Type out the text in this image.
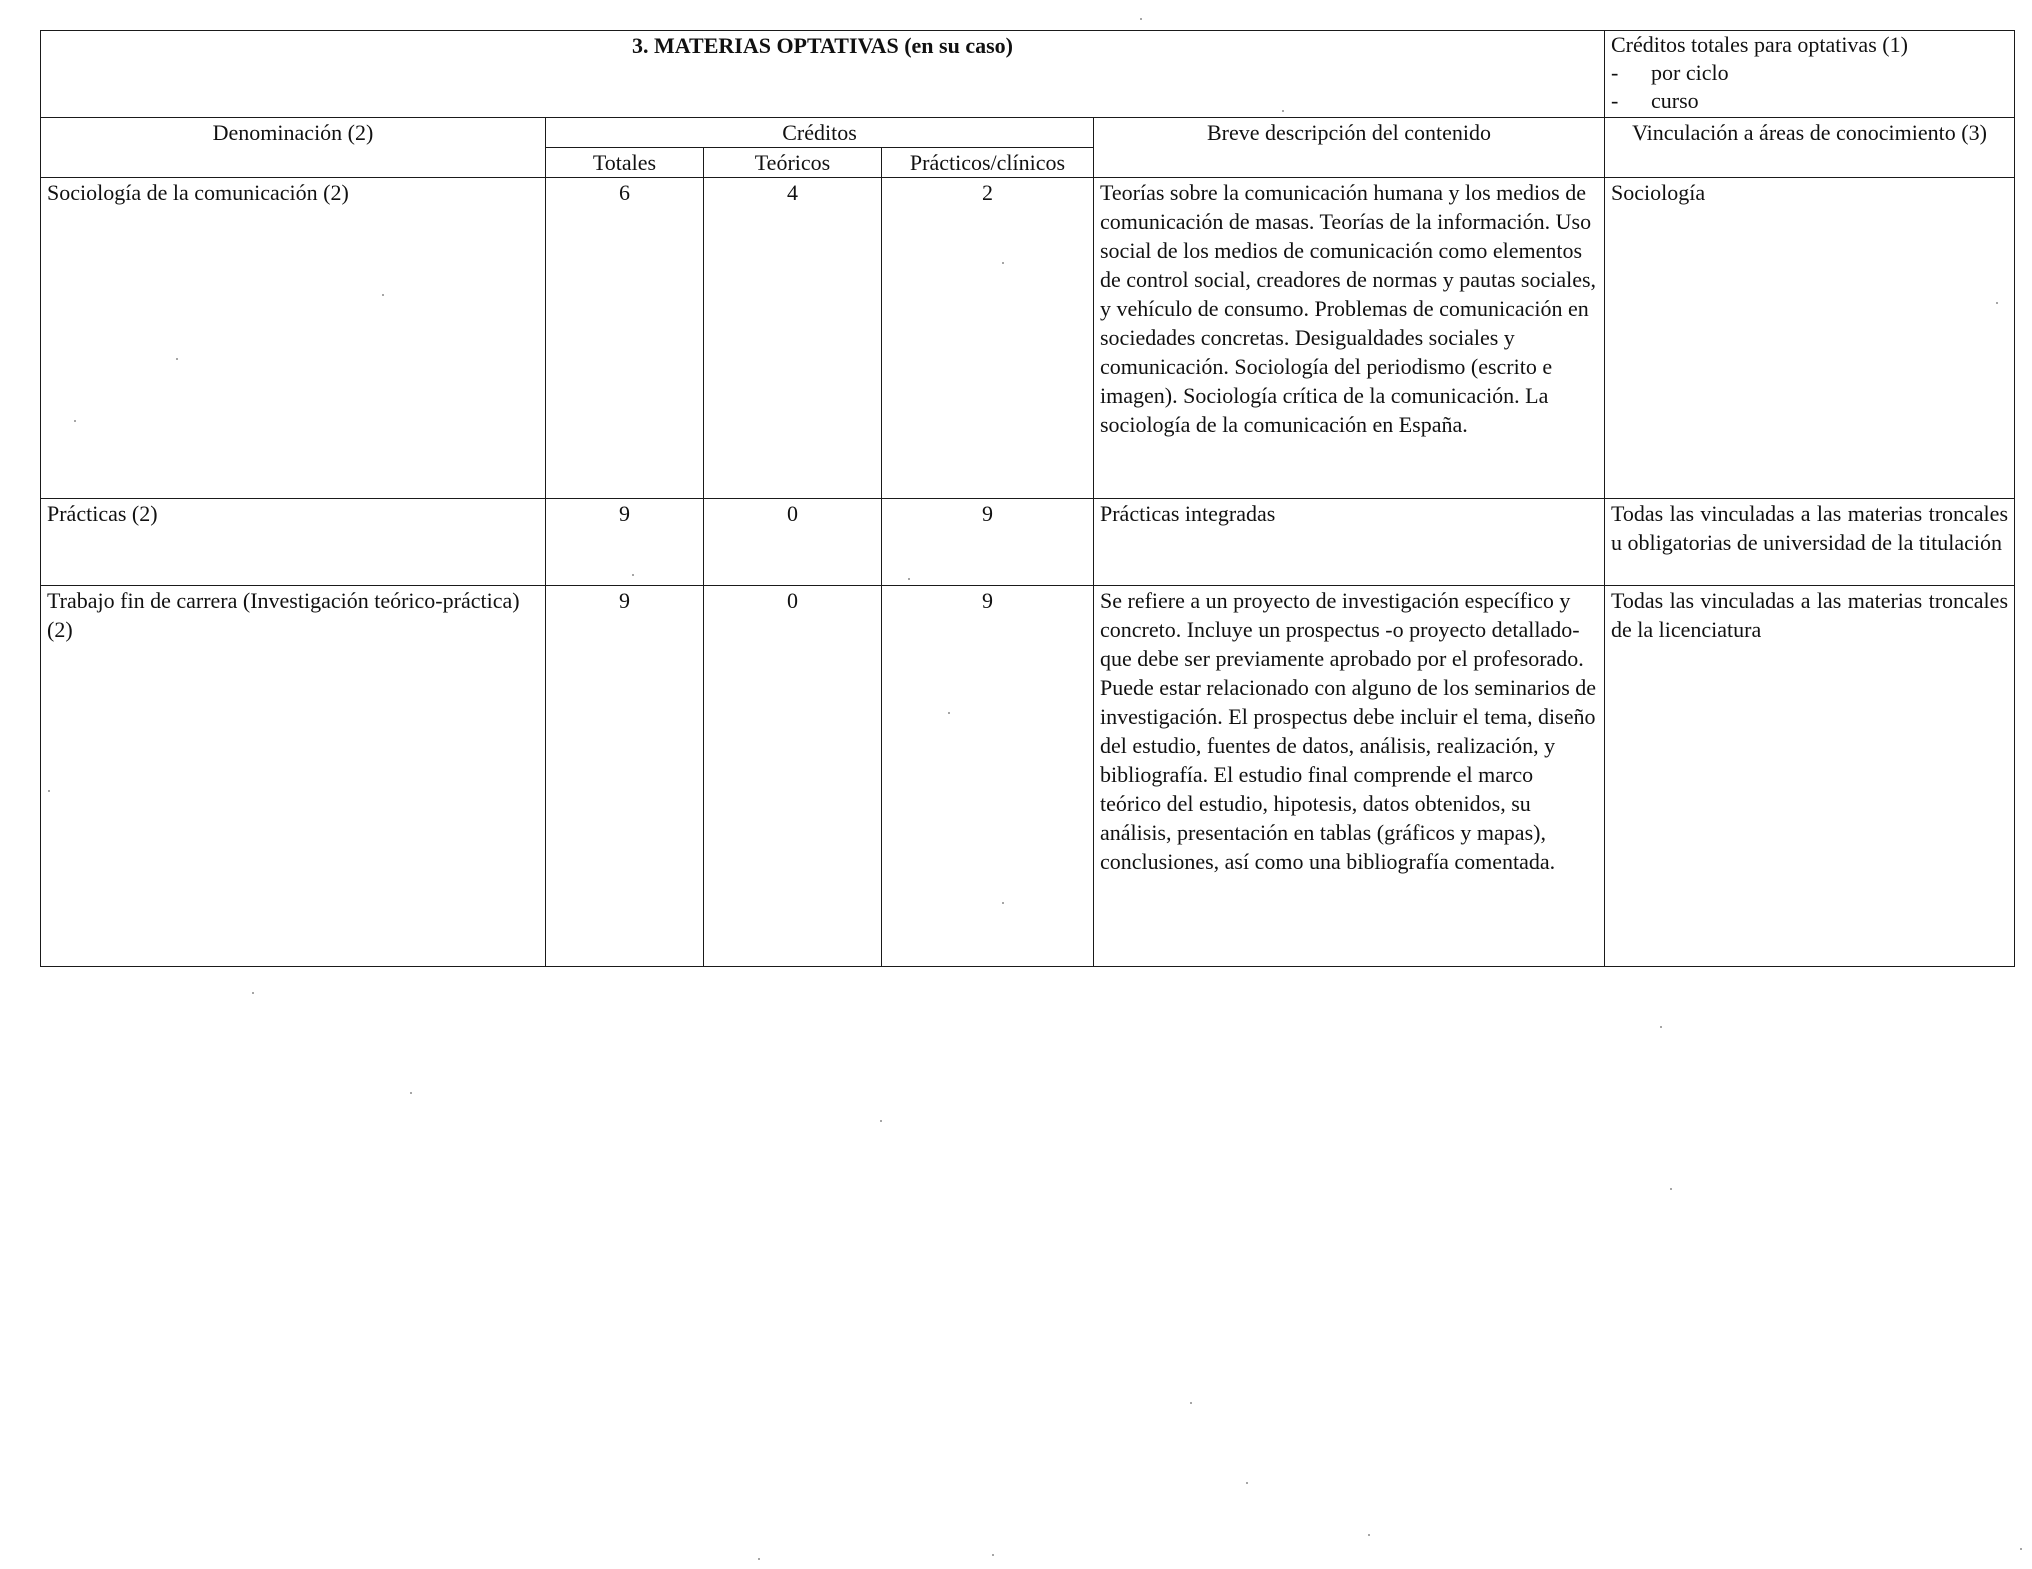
3. MATERIAS OPTATIVAS (en su caso)					Créditos totales para optativas (1)
- por ciclo
- curso

Denominación (2)	Créditos			Breve descripción del contenido	Vinculación a áreas de conocimiento (3)
	Totales	Teóricos	Prácticos/clínicos		
Sociología de la comunicación (2)	6	4	2	Teorías sobre la comunicación humana y los medios de comunicación de masas. Teorías de la información. Uso social de los medios de comunicación como elementos de control social, creadores de normas y pautas sociales, y vehículo de consumo. Problemas de comunicación en sociedades concretas. Desigualdades sociales y comunicación. Sociología del periodismo (escrito e imagen). Sociología crítica de la comunicación. La sociología de la comunicación en España.	Sociología
Prácticas (2)	9	0	9	Prácticas integradas	Todas las vinculadas a las materias troncales u obligatorias de universidad de la titulación
Trabajo fin de carrera (Investigación teórico-práctica) (2)	9	0	9	Se refiere a un proyecto de investigación específico y concreto. Incluye un prospectus -o proyecto detallado- que debe ser previamente aprobado por el profesorado. Puede estar relacionado con alguno de los seminarios de investigación. El prospectus debe incluir el tema, diseño del estudio, fuentes de datos, análisis, realización, y bibliografía. El estudio final comprende el marco teórico del estudio, hipotesis, datos obtenidos, su análisis, presentación en tablas (gráficos y mapas), conclusiones, así como una bibliografía comentada.	Todas las vinculadas a las materias troncales de la licenciatura
